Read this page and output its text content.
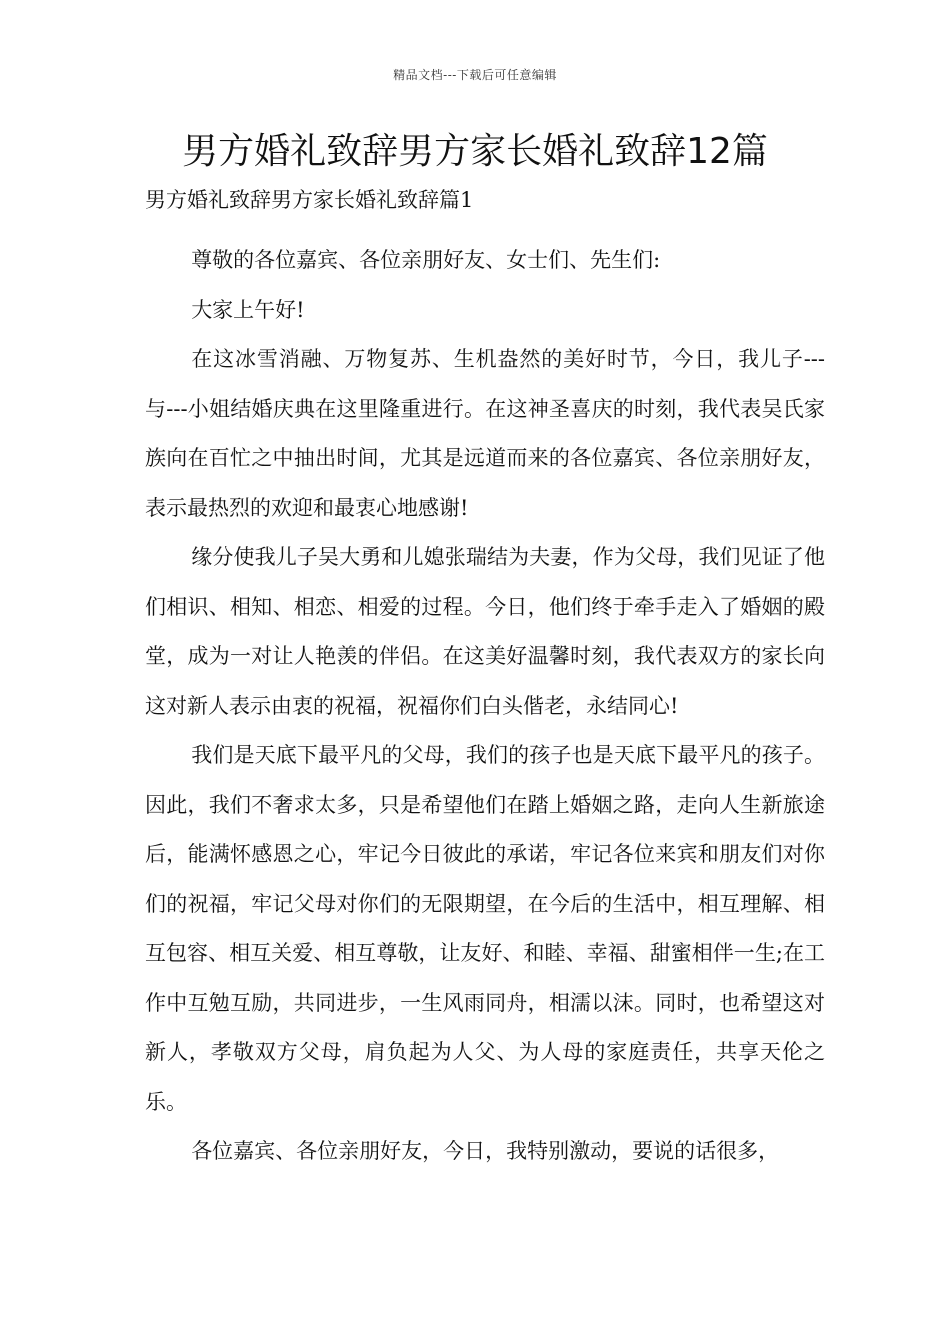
精品文档---下载后可任意编辑
男方婚礼致辞男方家长婚礼致辞12篇
男方婚礼致辞男方家长婚礼致辞篇1

尊敬的各位嘉宾、各位亲朋好友、女士们、先生们:

大家上午好!

在这冰雪消融、万物复苏、生机盎然的美好时节，今日，我儿子---与---小姐结婚庆典在这里隆重进行。在这神圣喜庆的时刻，我代表吴氏家族向在百忙之中抽出时间，尤其是远道而来的各位嘉宾、各位亲朋好友，表示最热烈的欢迎和最衷心地感谢!

缘分使我儿子吴大勇和儿媳张瑞结为夫妻，作为父母，我们见证了他们相识、相知、相恋、相爱的过程。今日，他们终于牵手走入了婚姻的殿堂，成为一对让人艳羡的伴侣。在这美好温馨时刻，我代表双方的家长向这对新人表示由衷的祝福，祝福你们白头偕老，永结同心!

我们是天底下最平凡的父母，我们的孩子也是天底下最平凡的孩子。因此，我们不奢求太多，只是希望他们在踏上婚姻之路，走向人生新旅途后，能满怀感恩之心，牢记今日彼此的承诺，牢记各位来宾和朋友们对你们的祝福，牢记父母对你们的无限期望，在今后的生活中，相互理解、相互包容、相互关爱、相互尊敬，让友好、和睦、幸福、甜蜜相伴一生;在工作中互勉互励，共同进步，一生风雨同舟，相濡以沫。同时，也希望这对新人，孝敬双方父母，肩负起为人父、为人母的家庭责任，共享天伦之乐。

各位嘉宾、各位亲朋好友，今日，我特别激动，要说的话很多，
